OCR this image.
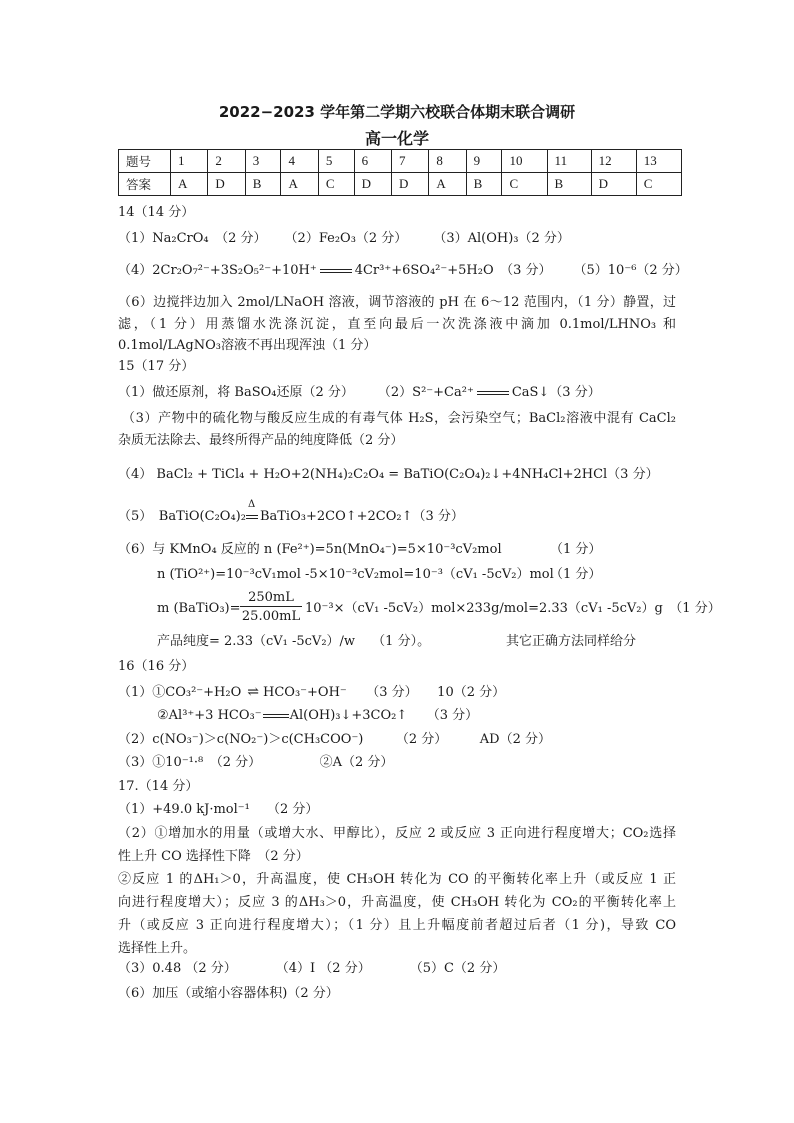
2022−2023 学年第二学期六校联合体期末联合调研
高一化学
题号	1	2	3	4	5	6	7	8	9	10	11	12	13
答案	A	D	B	A	C	D	D	A	B	C	B	D	C
14（14 分）
（1）Na₂CrO₄　（2 分） （2）Fe₂O₃（2 分） （3）Al(OH)₃（2 分）
（4）2Cr₂O₇²⁻+3S₂O₅²⁻+10H⁺	4Cr³⁺+6SO₄²⁻+5H₂O　（3 分） （5）10⁻⁶（2 分）
（6）边搅拌边加入 2mol/LNaOH 溶液，调节溶液的 pH 在 6～12 范围内，（1 分）静置，过
滤，（1 分）用蒸馏水洗涤沉淀，直至向最后一次洗涤液中滴加 0.1mol/LHNO₃ 和
0.1mol/LAgNO₃溶液不再出现浑浊（1 分）
15（17 分）
（1）做还原剂，将 BaSO₄还原（2 分） （2）S²⁻+Ca²⁺	CaS↓（3 分）
（3）产物中的硫化物与酸反应生成的有毒气体 H₂S，会污染空气；BaCl₂溶液中混有 CaCl₂
杂质无法除去、最终所得产品的纯度降低（2 分）
（4） BaCl₂ + TiCl₄ + H₂O+2(NH₄)₂C₂O₄ = BaTiO(C₂O₄)₂↓+4NH₄Cl+2HCl（3 分）
（5）　BaTiO(C₂O₄)₂
Δ
BaTiO₃+2CO↑+2CO₂↑（3 分）
（6）与 KMnO₄ 反应的 n (Fe²⁺)=5n(MnO₄⁻)=5×10⁻³cV₂mol	（1 分）
n (TiO²⁺)=10⁻³cV₁mol -5×10⁻³cV₂mol=10⁻³（cV₁ -5cV₂）mol
（1 分）
m (BaTiO₃)= $\frac{250mL}{25.00mL} 10^{-3}\times(cV_1$ -5cV₂）mol×233g/mol=2.33（cV₁ -5cV₂）g　（1 分）
产品纯度= 2.33（cV₁ -5cV₂）/w　 （1 分）。	其它正确方法同样给分
16（16 分）
（1）①CO₃²⁻+H₂O ⇌ HCO₃⁻+OH⁻　　（3 分）　　10（2 分）
②Al³⁺+3 HCO₃⁻ Al(OH)₃↓+3CO₂↑　　（3 分）
（2）c(NO₃⁻)＞c(NO₂⁻)＞c(CH₃COO⁻)　　　（2 分）　　　AD（2 分）
（3）①10⁻¹·⁸　（2 分）　　　　　②A（2 分）
17.（14 分）
（1）+49.0 kJ·mol⁻¹　 （2 分）
（2）①增加水的用量（或增大水、甲醇比），反应 2 或反应 3 正向进行程度增大；CO₂选择
性上升 CO 选择性下降　（2 分）
②反应 1 的ΔH₁＞0，升高温度，使 CH₃OH 转化为 CO 的平衡转化率上升（或反应 1 正
向进行程度增大）；反应 3 的ΔH₃＞0，升高温度，使 CH₃OH 转化为 CO₂的平衡转化率上
升（或反应 3 正向进行程度增大）；（1 分）且上升幅度前者超过后者（1 分)，导致 CO
选择性上升。
（3）0.48 （2 分）　　　　（4）Ⅰ （2 分）　　　　（5）C（2 分）
（6）加压（或缩小容器体积)（2 分）
